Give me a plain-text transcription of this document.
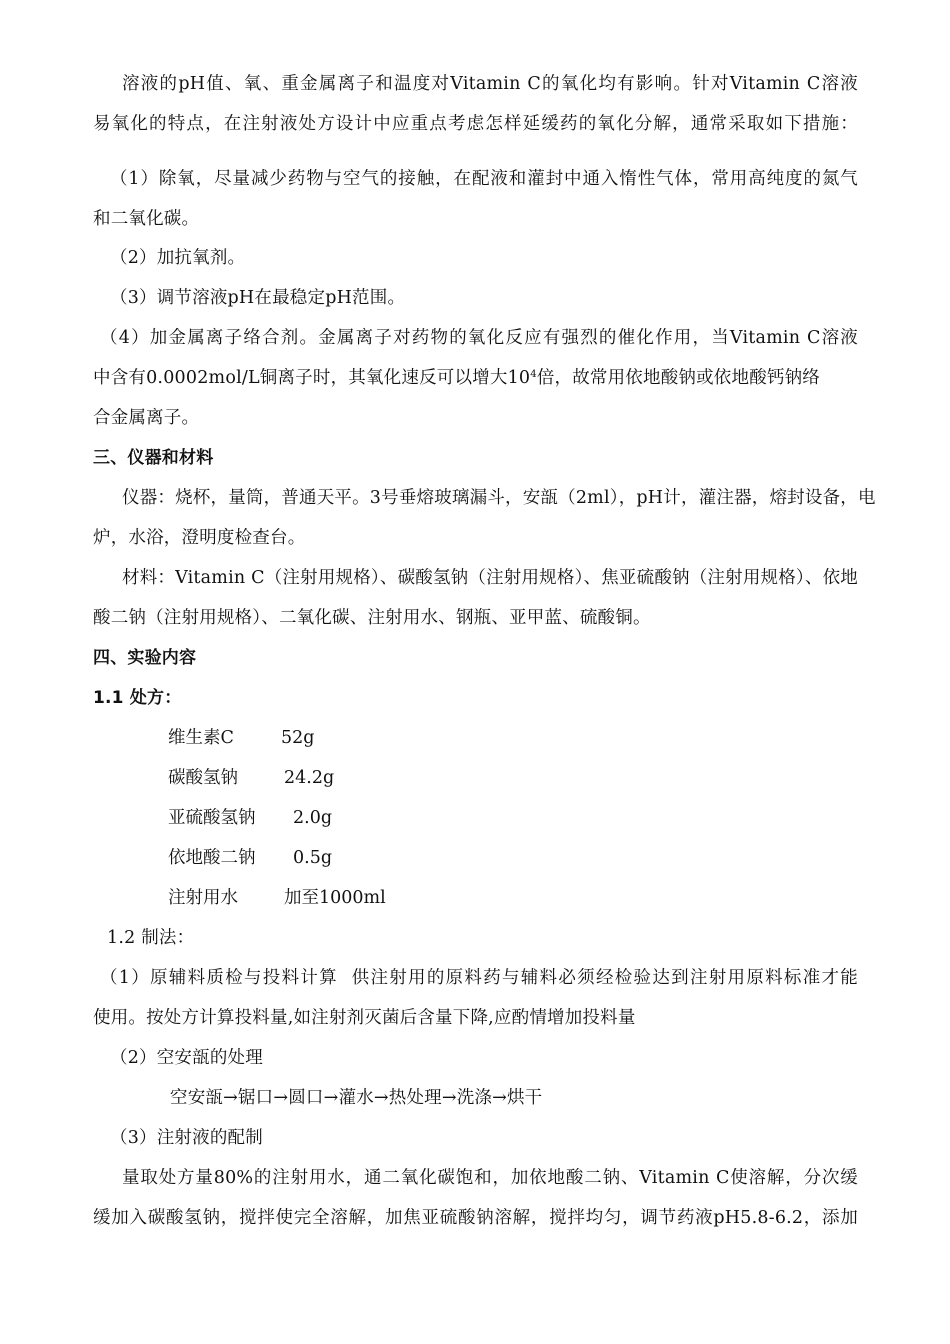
溶液的pH值、氧、重金属离子和温度对Vitamin C的氧化均有影响。针对Vitamin C溶液
易氧化的特点，在注射液处方设计中应重点考虑怎样延缓药的氧化分解，通常采取如下措施：
（1）除氧，尽量减少药物与空气的接触，在配液和灌封中通入惰性气体，常用高纯度的氮气
和二氧化碳。
（2）加抗氧剂。
（3）调节溶液pH在最稳定pH范围。
（4）加金属离子络合剂。金属离子对药物的氧化反应有强烈的催化作用，当Vitamin C溶液
中含有0.0002mol/L铜离子时，其氧化速反可以增大$10^4$倍，故常用依地酸钠或依地酸钙钠络
合金属离子。
三、仪器和材料
仪器：烧杯，量筒，普通天平。3号垂熔玻璃漏斗，安瓿（2ml），pH计，灌注器，熔封设备，电
炉，水浴，澄明度检查台。
材料：Vitamin C（注射用规格）、碳酸氢钠（注射用规格）、焦亚硫酸钠（注射用规格）、依地
酸二钠（注射用规格）、二氧化碳、注射用水、钢瓶、亚甲蓝、硫酸铜。
四、实验内容
1.1 处方：
维生素C	52g
碳酸氢钠	24.2g
亚硫酸氢钠 2.0g
依地酸二钠 0.5g
注射用水	加至1000ml
1.2 制法：
（1）原辅料质检与投料计算  供注射用的原料药与辅料必须经检验达到注射用原料标准才能
使用。按处方计算投料量,如注射剂灭菌后含量下降,应酌情增加投料量
（2）空安瓿的处理
空安瓿→锯口→圆口→灌水→热处理→洗涤→烘干
（3）注射液的配制
量取处方量80%的注射用水，通二氧化碳饱和，加依地酸二钠、Vitamin C使溶解，分次缓
缓加入碳酸氢钠，搅拌使完全溶解，加焦亚硫酸钠溶解，搅拌均匀，调节药液pH5.8-6.2，添加
